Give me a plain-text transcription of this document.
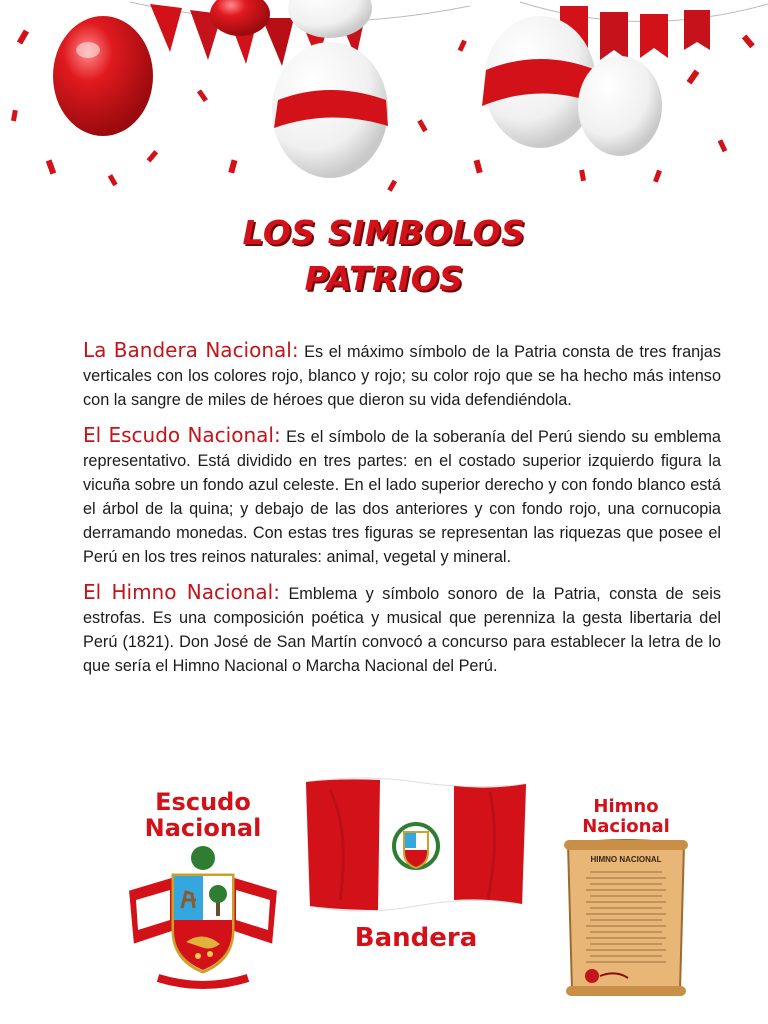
LOS SIMBOLOS
PATRIOS

La Bandera Nacional: Es el máximo símbolo de la Patria consta de tres franjas verticales con los colores rojo, blanco y rojo; su color rojo que se ha hecho más intenso con la sangre de miles de héroes que dieron su vida defendiéndola.

El Escudo Nacional: Es el símbolo de la soberanía del Perú siendo su emblema representativo. Está dividido en tres partes: en el costado superior izquierdo figura la vicuña sobre un fondo azul celeste. En el lado superior derecho y con fondo blanco está el árbol de la quina; y debajo de las dos anteriores y con fondo rojo, una cornucopia derramando monedas. Con estas tres figuras se representan las riquezas que posee el Perú en los tres reinos naturales: animal, vegetal y mineral.

El Himno Nacional: Emblema y símbolo sonoro de la Patria, consta de seis estrofas. Es una composición poética y musical que perenniza la gesta libertaria del Perú (1821). Don José de San Martín convocó a concurso para establecer la letra de lo que sería el Himno Nacional o Marcha Nacional del Perú.

Escudo
Nacional
Bandera
Himno
Nacional
HIMNO NACIONAL
